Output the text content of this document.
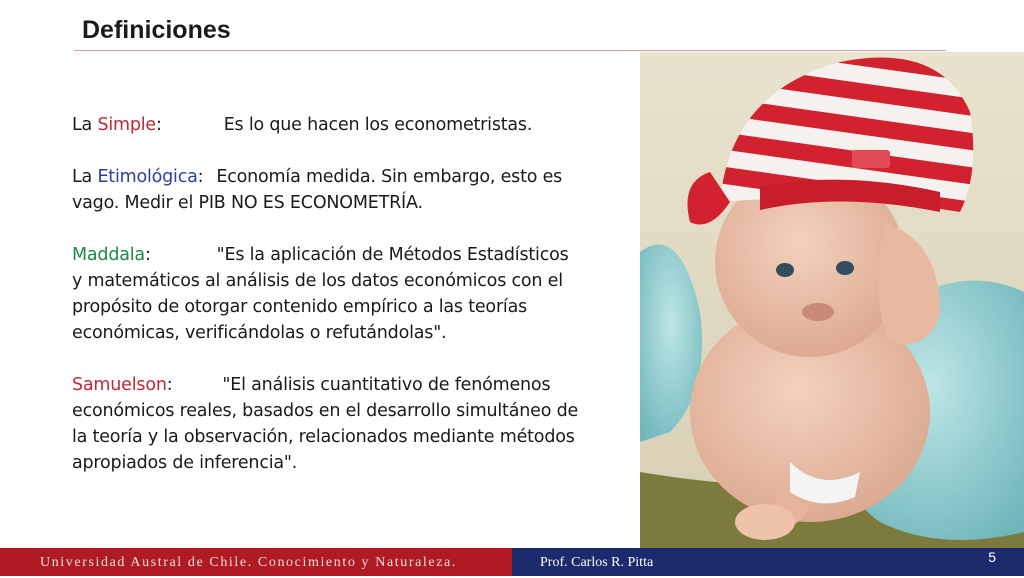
Definiciones

La Simple:	Es lo que hacen los econometristas.

La Etimológica: Economía medida. Sin embargo, esto es vago. Medir el PIB NO ES ECONOMETRÍA.

Maddala:	"Es la aplicación de Métodos Estadísticos y matemáticos al análisis de los datos económicos con el propósito de otorgar contenido empírico a las teorías económicas, verificándolas o refutándolas".

Samuelson:	"El análisis cuantitativo de fenómenos económicos reales, basados en el desarrollo simultáneo de la teoría y la observación, relacionados mediante métodos apropiados de inferencia".

Universidad Austral de Chile. Conocimiento y Naturaleza.	Prof. Carlos R. Pitta	5
